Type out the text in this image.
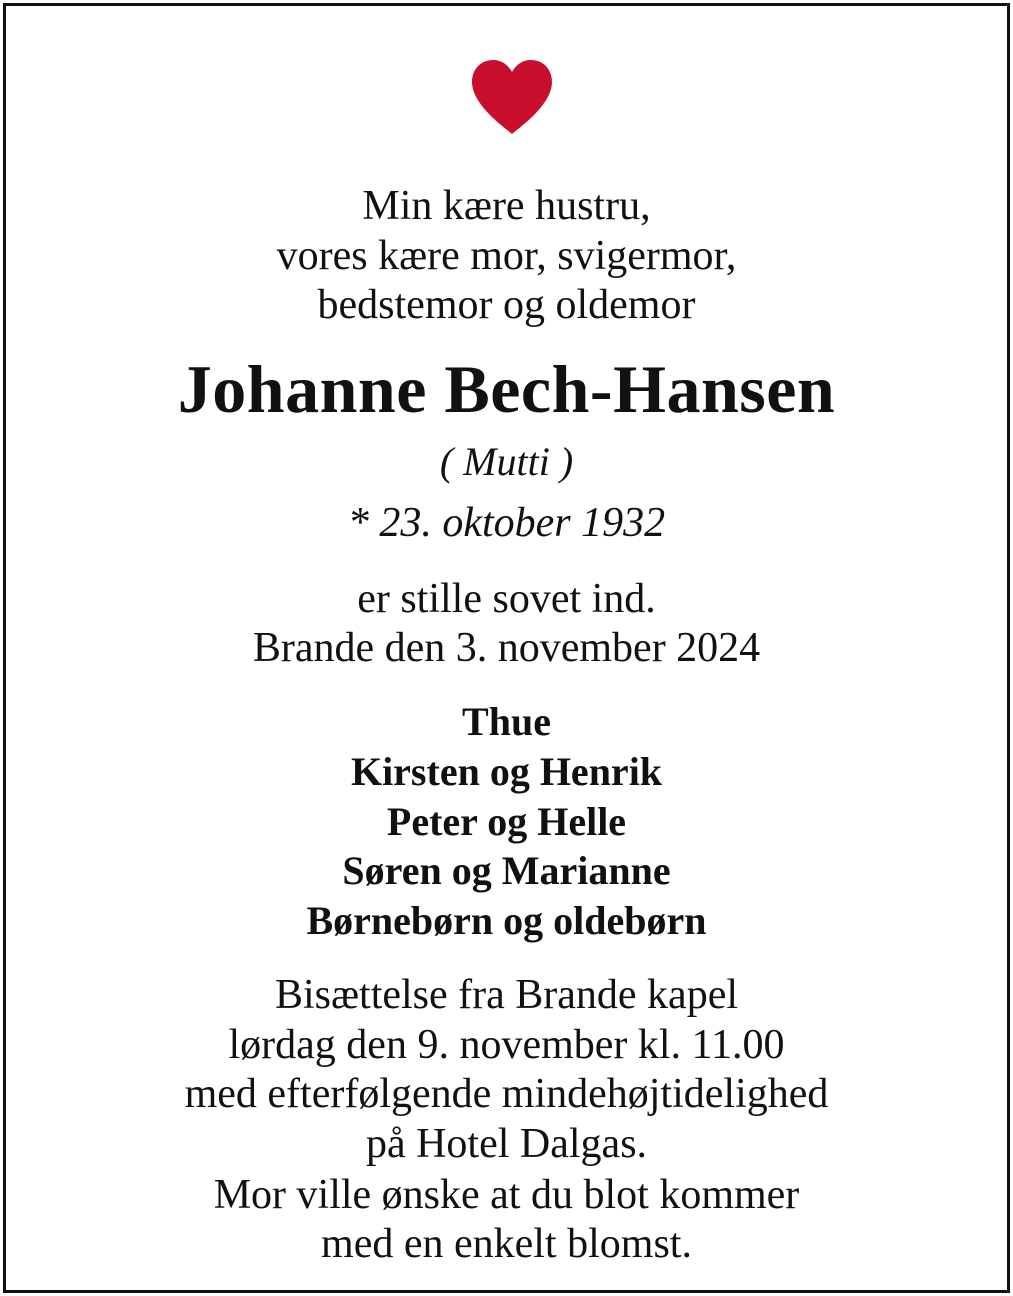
Min kære hustru,
vores kære mor, svigermor,
bedstemor og oldemor
Johanne Bech-Hansen
( Mutti )
* 23. oktober 1932
er stille sovet ind.
Brande den 3. november 2024
Thue
Kirsten og Henrik
Peter og Helle
Søren og Marianne
Børnebørn og oldebørn
Bisættelse fra Brande kapel
lørdag den 9. november kl. 11.00
med efterfølgende mindehøjtidelighed
på Hotel Dalgas.
Mor ville ønske at du blot kommer
med en enkelt blomst.
